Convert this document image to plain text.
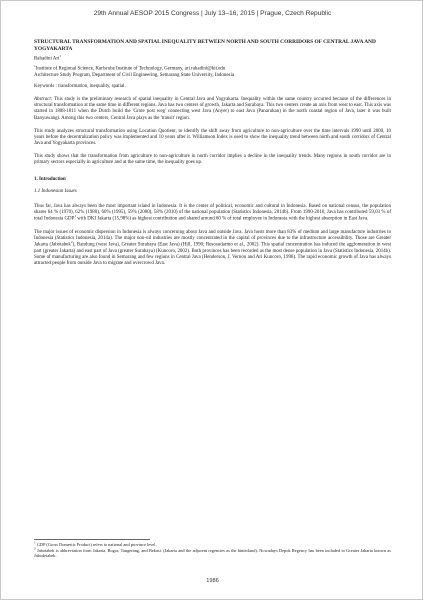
29th Annual AESOP 2015 Congress | July 13–16, 2015 | Prague, Czech Republic
STRUCTURAL TRANSFORMATION AND SPATIAL INEQUALITY BETWEEN NORTH AND SOUTH CORRIDORS OF CENTRAL JAVA AND YOGYAKARTA
Rahadini Ari$^1$

$^1$Institute of Regional Science, Karlsruhe Institute of Technology, Germany, ari.rahadini@kit.edu

Architecture Study Program, Department of Civil Engineering, Semarang State University, Indonesia

Keywords : transformation, inequality, spatial.

Abstract: This study is the preliminary research of spatial inequality in Central Java and Yogyakarta. Inequality within the same country occurred because of the differences in structural transformation at the same time in different regions. Java has two centers of growth, Jakarta and Surabaya. This two centers create an axis from west to east. This axis was started in 1808-1811 when the Dutch build the 'Grote post weg' connecting west Java (Anyer) to east Java (Panarukan) in the north coastal region of Java, later it was built Banyuwangi. Among this two centers, Central Java plays as the 'transit' region.

This study analyzes structural transformation using Location Quotient, to identify the shift away from agriculture to non-agriculture over the time intervals 1990 until 2000, 10 years before the decentralization policy was implemented and 10 years after it. Williamson Index is used to show the inequality trend between north and south corridors of Central Java and Yogyakarta provinces.

This study shows that the transformation from agriculture to non-agriculture in north corridor implies a decline in the inequality trends. Many regions in south corridor are in primary sectors especially in agriculture and at the same time, the inequality goes up.

1. Introduction
1.1 Indonesian Issues

Thus far, Java has always been the most important island in Indonesia. It is the center of political, economic and cultural in Indonesia. Based on national census, the population shares 64 % (1970), 62% (1980), 60% (1995), 59% (2000), 58% (2010) of the national population (Statistics Indonesia, 2014b). From 1990-2010, Java has contributed 59,03 % of total Indonesia GDP$^1$ with DKI Jakarta (15,98%) as highest contribution and shared around 60 % of total employee in Indonesia with the highest absorption in East Java.

The major issues of economic dispersion in Indonesia is always concerning about Java and outside Java. Java hosts more than 83% of medium and large manufacture industries in Indonesia (Statistics Indonesia, 2014a). The major non-oil industries are mostly concentrated in the capital of provinces due to the infrastructure accessibility. Those are Greater Jakarta (Jabotabek$^2$), Bandung (west Java), Greater Surabaya (East Java) (Hill, 1990; Resosudarmo et al., 2002). This spatial concentration has induced the agglomeration in west part (greater Jakarta) and east part of Java (greater Surabaya) (Kuncoro, 2002). Both provinces has been recorded as the most dense population in Java (Statistics Indonesia, 2014b). Some of manufacturing are also found in Semarang and few regions in Central Java (Henderson, J. Vernon and Ari Kuncoro, 1996). The rapid economic growth of Java has always attracted people from outside Java to migrate and overcrowd Java.

$^1$ GDP (Gross Domestic Product) refers to national and province level.

$^2$ Jabotabek is abbreviation from Jakarta, Bogor, Tangerang, and Bekasi. (Jakarta and the adjacent regencies as the hinterland). Nowadays Depok Regency has been included to Greater Jakarta known as Jabodetabek.

1986
